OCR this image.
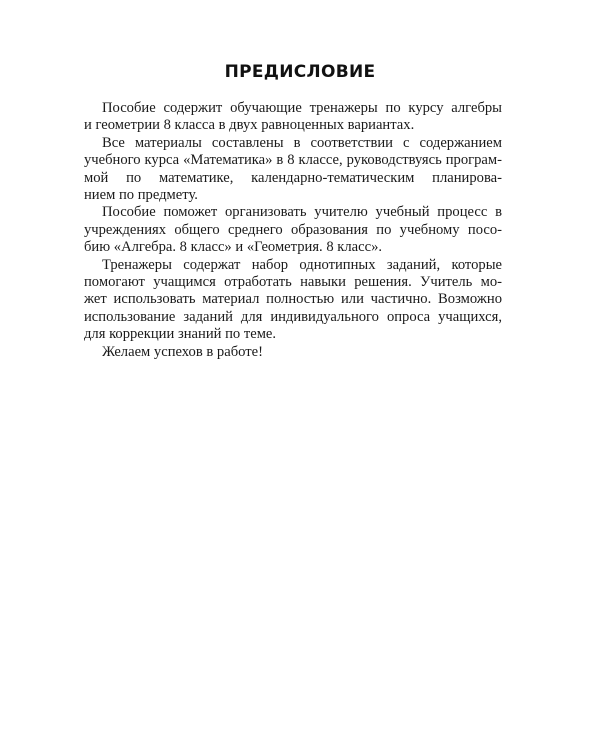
ПРЕДИСЛОВИЕ
Пособие содержит обучающие тренажеры по курсу алгебры
и геометрии 8 класса в двух равноценных вариантах.
Все материалы составлены в соответствии с содержанием
учебного курса «Математика» в 8 классе, руководствуясь програм-
мой по математике, календарно-тематическим планирова-
нием по предмету.
Пособие поможет организовать учителю учебный процесс в
учреждениях общего среднего образования по учебному посо-
бию «Алгебра. 8 класс» и «Геометрия. 8 класс».
Тренажеры содержат набор однотипных заданий, которые
помогают учащимся отработать навыки решения. Учитель мо-
жет использовать материал полностью или частично. Возможно
использование заданий для индивидуального опроса учащихся,
для коррекции знаний по теме.
Желаем успехов в работе!
